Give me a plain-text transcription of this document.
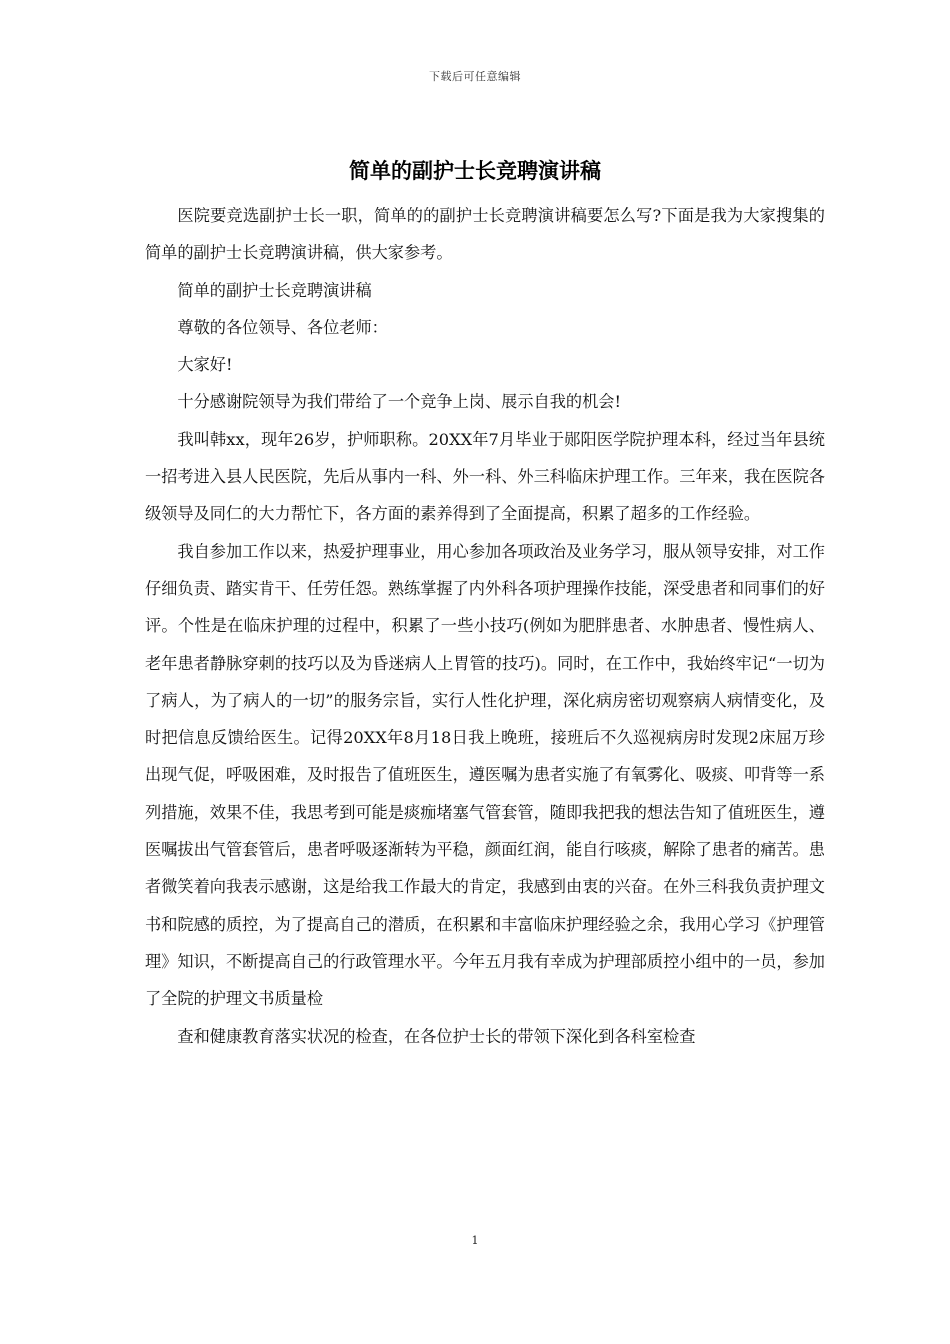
下载后可任意编辑
简单的副护士长竞聘演讲稿

医院要竞选副护士长一职，简单的的副护士长竞聘演讲稿要怎么写?下面是我为大家搜集的简单的副护士长竞聘演讲稿，供大家参考。

简单的副护士长竞聘演讲稿

尊敬的各位领导、各位老师：

大家好!

十分感谢院领导为我们带给了一个竞争上岗、展示自我的机会!

我叫韩xx，现年26岁，护师职称。20XX年7月毕业于郧阳医学院护理本科，经过当年县统一招考进入县人民医院，先后从事内一科、外一科、外三科临床护理工作。三年来，我在医院各级领导及同仁的大力帮忙下，各方面的素养得到了全面提高，积累了超多的工作经验。

我自参加工作以来，热爱护理事业，用心参加各项政治及业务学习，服从领导安排，对工作仔细负责、踏实肯干、任劳任怨。熟练掌握了内外科各项护理操作技能，深受患者和同事们的好评。个性是在临床护理的过程中，积累了一些小技巧(例如为肥胖患者、水肿患者、慢性病人、老年患者静脉穿刺的技巧以及为昏迷病人上胃管的技巧)。同时，在工作中，我始终牢记“一切为了病人，为了病人的一切”的服务宗旨，实行人性化护理，深化病房密切观察病人病情变化，及时把信息反馈给医生。记得20XX年8月18日我上晚班，接班后不久巡视病房时发现2床屈万珍出现气促，呼吸困难，及时报告了值班医生，遵医嘱为患者实施了有氧雾化、吸痰、叩背等一系列措施，效果不佳，我思考到可能是痰痂堵塞气管套管，随即我把我的想法告知了值班医生，遵医嘱拔出气管套管后，患者呼吸逐渐转为平稳，颜面红润，能自行咳痰，解除了患者的痛苦。患者微笑着向我表示感谢，这是给我工作最大的肯定，我感到由衷的兴奋。在外三科我负责护理文书和院感的质控，为了提高自己的潜质，在积累和丰富临床护理经验之余，我用心学习《护理管理》知识，不断提高自己的行政管理水平。今年五月我有幸成为护理部质控小组中的一员，参加了全院的护理文书质量检

查和健康教育落实状况的检查，在各位护士长的带领下深化到各科室检查

1
